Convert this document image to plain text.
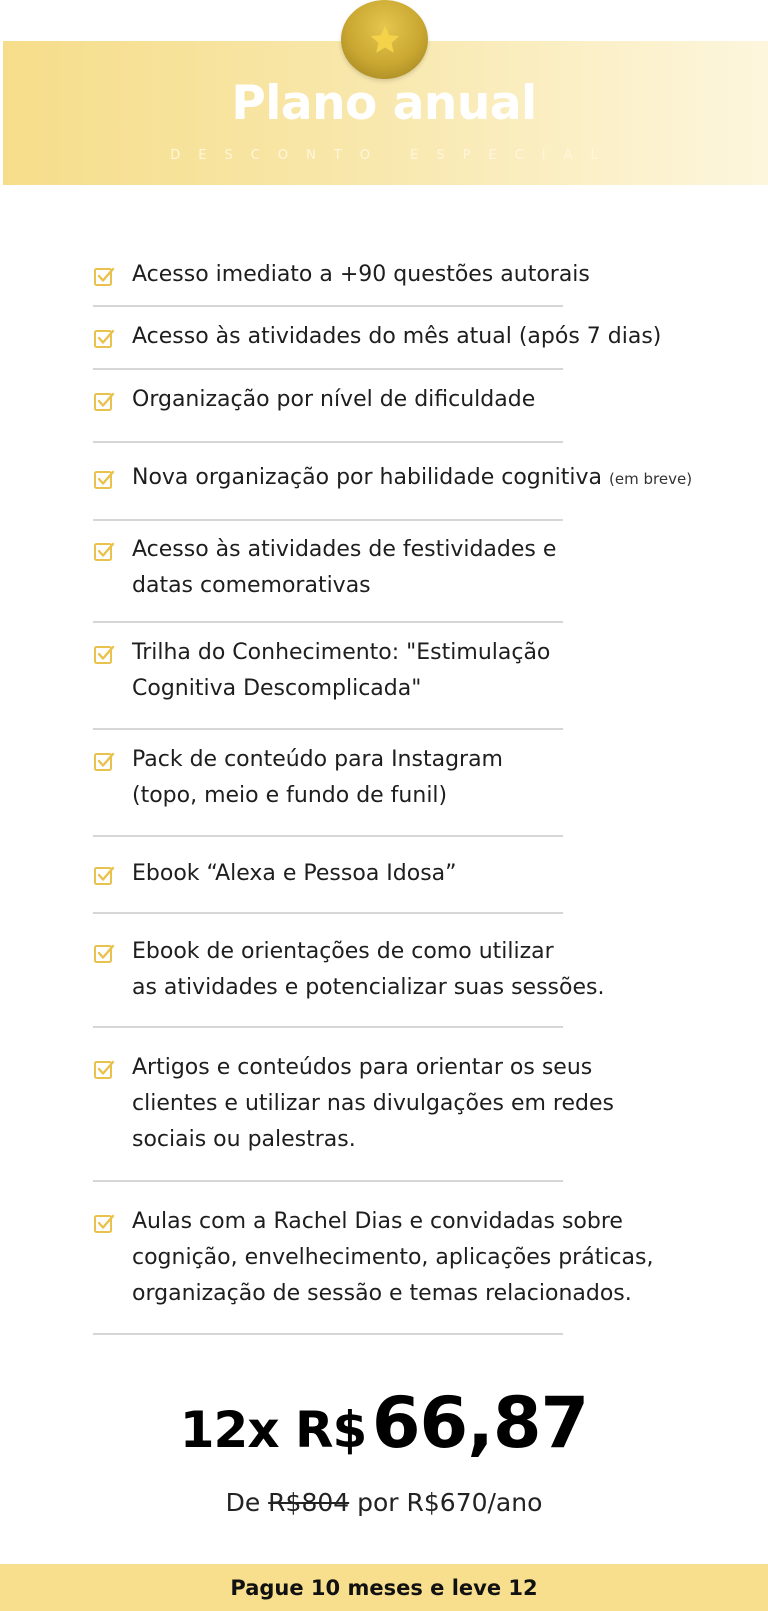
Plano anual
DESCONTO ESPECIAL
Acesso imediato a +90 questões autorais
Acesso às atividades do mês atual (após 7 dias)
Organização por nível de dificuldade
Nova organização por habilidade cognitiva (em breve)
Acesso às atividades de festividades e
datas comemorativas
Trilha do Conhecimento: "Estimulação
Cognitiva Descomplicada"
Pack de conteúdo para Instagram
(topo, meio e fundo de funil)
Ebook “Alexa e Pessoa Idosa”
Ebook de orientações de como utilizar
as atividades e potencializar suas sessões.
Artigos e conteúdos para orientar os seus
clientes e utilizar nas divulgações em redes
sociais ou palestras.
Aulas com a Rachel Dias e convidadas sobre
cognição, envelhecimento, aplicações práticas,
organização de sessão e temas relacionados.
12x R$ 66,87
De R$804 por R$670/ano
Pague 10 meses e leve 12
